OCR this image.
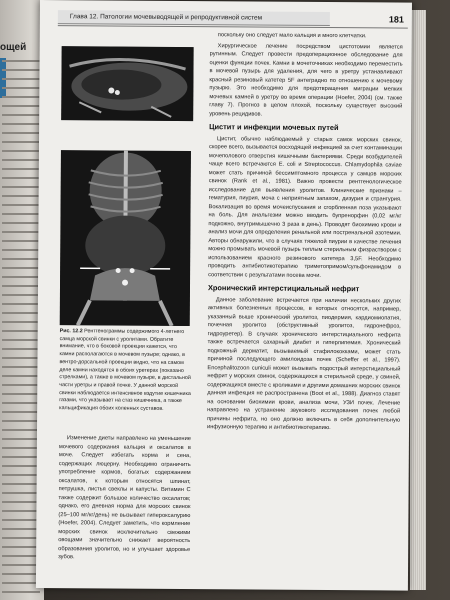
ощей
Глава 12. Патологии мочевыводящей и репродуктивной систем	181
Рис. 12.2 Рентгенограммы содержимого 4-летнего самца морской свинки с уролитами. Обратите внимание, что в боковой проекции кажется, что камни располагаются в мочевом пузыре; однако, в вентро-дорсальной проекции видно, что на самом деле камни находятся в обоих уретерах (показано стрелками), а также в мочевом пузыре, в дистальной части уретры и правой почке. У данной морской свинки наблюдается интенсивное вздутие кишечника газами, что указывает на стаз кишечника, а также кальцификация обоих коленных суставов.

Изменение диеты направлено на уменьшение мочевого содержания кальция и оксалатов в моче. Следует избегать корма и сена, содержащих люцерну. Необходимо ограничить употребление кормов, богатых содержанием оксалатов, к которым относятся шпинат, петрушка, листья свеклы и капусты. Витамин C также содержит большое количество оксалатов; однако, его дневная норма для морских свинок (25–100 мг/кг/день) не вызывает гипероксалурию (Hoefer, 2004). Следует заметить, что кормление морских свинок исключительно свежими овощами значительно снижает вероятность образования уролитов, но и улучшает здоровье зубов.

поскольку оно следует мало кальция и много клетчатки.

Хирургическое лечение посредством цистотомии является рутинным. Следует провести предоперационное обследование для оценки функции почек. Камни в мочеточниках необходимо переместить в мочевой пузырь для удаления, для чего в уретру устанавливают красный резиновый катетер 5F антеградно по отношению к мочевому пузырю. Это необходимо для предотвращения миграции мелких мочевых камней в уретру во время операции (Hoefer, 2004) (см. также главу 7). Прогноз в целом плохой, поскольку существует высокий уровень рецидивов.

Цистит и инфекции мочевых путей

Цистит, обычно наблюдаемый у старых самок морских свинок, скорее всего, вызывается восходящей инфекцией за счет контаминации мочеполового отверстия кишечными бактериями. Среди возбудителей чаще всего встречаются E. coli и Streptococcus. Chlamydophila caviae может стать причиной бессимптомного процесса у самцов морских свинок (Rank et al., 1981). Важно провести рентгенологическое исследование для выявления уролитов. Клинические признаки – гематурия, пиурия, моча с неприятным запахом, дизурия и странгурия. Вокализация во время мочеиспускания и сгорбленная поза указывают на боль. Для анальгезии можно вводить бупренорфин (0,02 мг/кг подкожно, внутримышечно 3 раза в день). Проводят биохимию крови и анализ мочи для определения ренальной или постренальной азотемии. Авторы обнаружили, что в случаях тяжелой пиурии в качестве лечения можно промывать мочевой пузырь теплым стерильным физраствором с использованием красного резинового катетера 3,5F. Необходимо проводить антибиотикотерапию триметопримом/сульфонамидом в соответствии с результатами посева мочи.

Хронический интерстициальный нефрит

Данное заболевание встречается при наличии нескольких других активных болезненных процессов, в которых относятся, например, указанный выше хронический уролитоз, пиодермия, кардиомиопатия, почечная уролитоз (обструктивный уролитоз, гидронефроз, гидроуретер). В случаях хронического интерстициального нефрита также встречается сахарный диабет и гиперлипемия. Хронический подкожный дерматит, вызываемый стафилококками, может стать причиной последующего амилоидоза почек (Scheffer et al., 1997). Encephalitozoon cuniculi может вызывать подострый интерстициальный нефрит у морских свинок, содержащихся в стерильной среде, у свиней, содержащихся вместе с кроликами и другими домашних морских свинок данная инфекция не распространена (Boot et al., 1988). Диагноз ставят на основании биохимии крови, анализа мочи, УЗИ почек. Лечение направлено на устранение звукового исследования почек любой причины нефрита, но оно должно включать в себя дополнительную инфузионную терапию и антибиотикотерапию.
